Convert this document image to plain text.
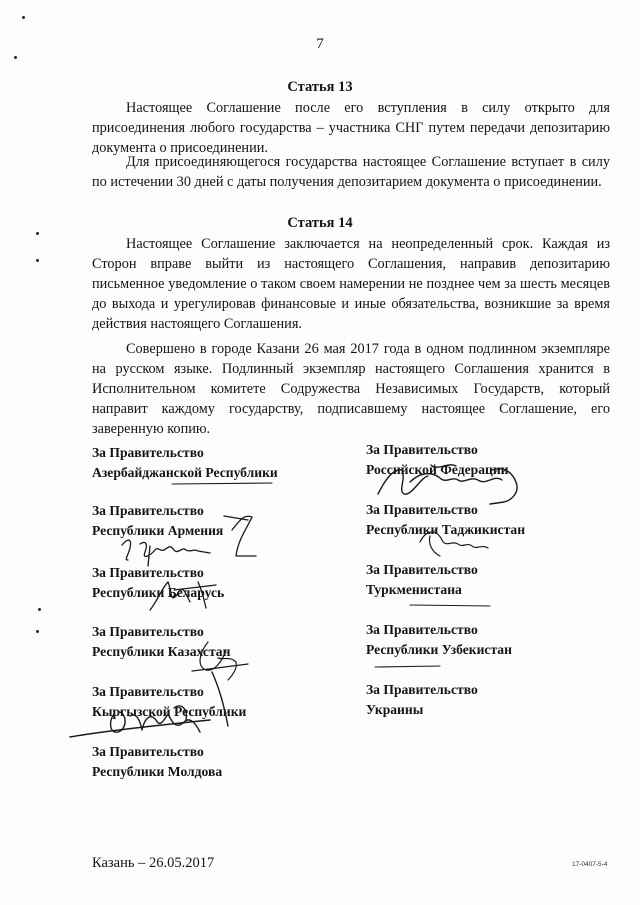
7
Статья 13

Настоящее Соглашение после его вступления в силу открыто для присоединения любого государства – участника СНГ путем передачи депозитарию документа о присоединении.

Для присоединяющегося государства настоящее Соглашение вступает в силу по истечении 30 дней с даты получения депозитарием документа о присоединении.

Статья 14

Настоящее Соглашение заключается на неопределенный срок. Каждая из Сторон вправе выйти из настоящего Соглашения, направив депозитарию письменное уведомление о таком своем намерении не позднее чем за шесть месяцев до выхода и урегулировав финансовые и иные обязательства, возникшие за время действия настоящего Соглашения.

Совершено в городе Казани 26 мая 2017 года в одном подлинном экземпляре на русском языке. Подлинный экземпляр настоящего Соглашения хранится в Исполнительном комитете Содружества Независимых Государств, который направит каждому государству, подписавшему настоящее Соглашение, его заверенную копию.

За Правительство
Азербайджанской Республики
За Правительство
Республики Армения
За Правительство
Республики Беларусь
За Правительство
Республики Казахстан
За Правительство
Кыргызской Республики
За Правительство
Республики Молдова
За Правительство
Российской Федерации
За Правительство
Республики Таджикистан
За Правительство
Туркменистана
За Правительство
Республики Узбекистан
За Правительство
Украины
Казань – 26.05.2017	17-0407-5-4
